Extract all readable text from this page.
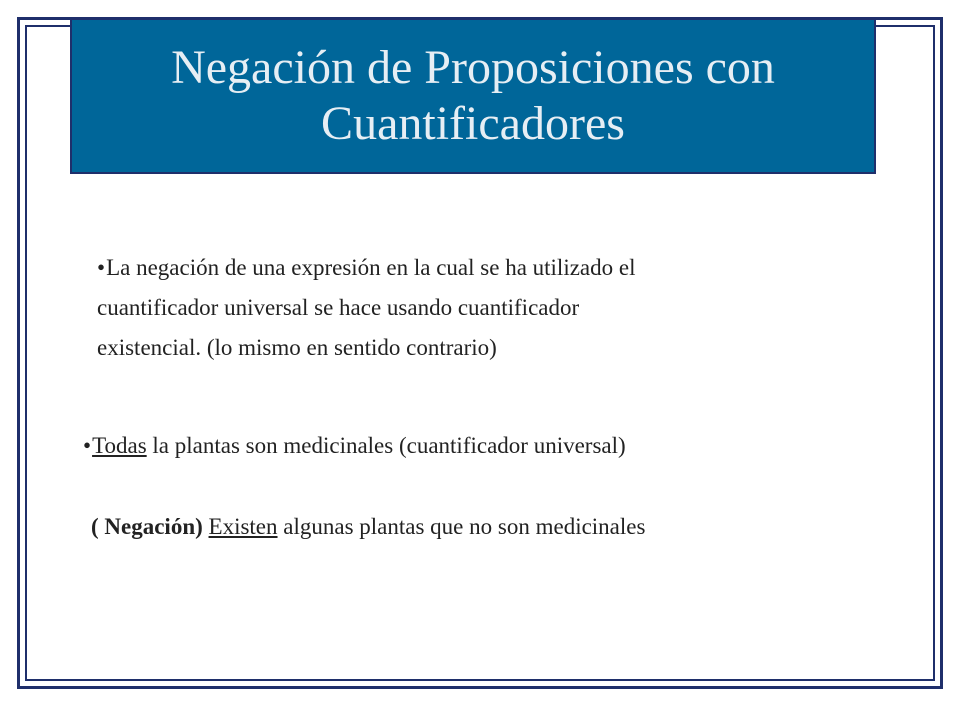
Negación de Proposiciones con
Cuantificadores
•La negación de una expresión en la cual se ha utilizado el
cuantificador universal se hace usando cuantificador
existencial. (lo mismo en sentido contrario)
•Todas la plantas son medicinales (cuantificador universal)
( Negación) Existen algunas plantas que no son medicinales
